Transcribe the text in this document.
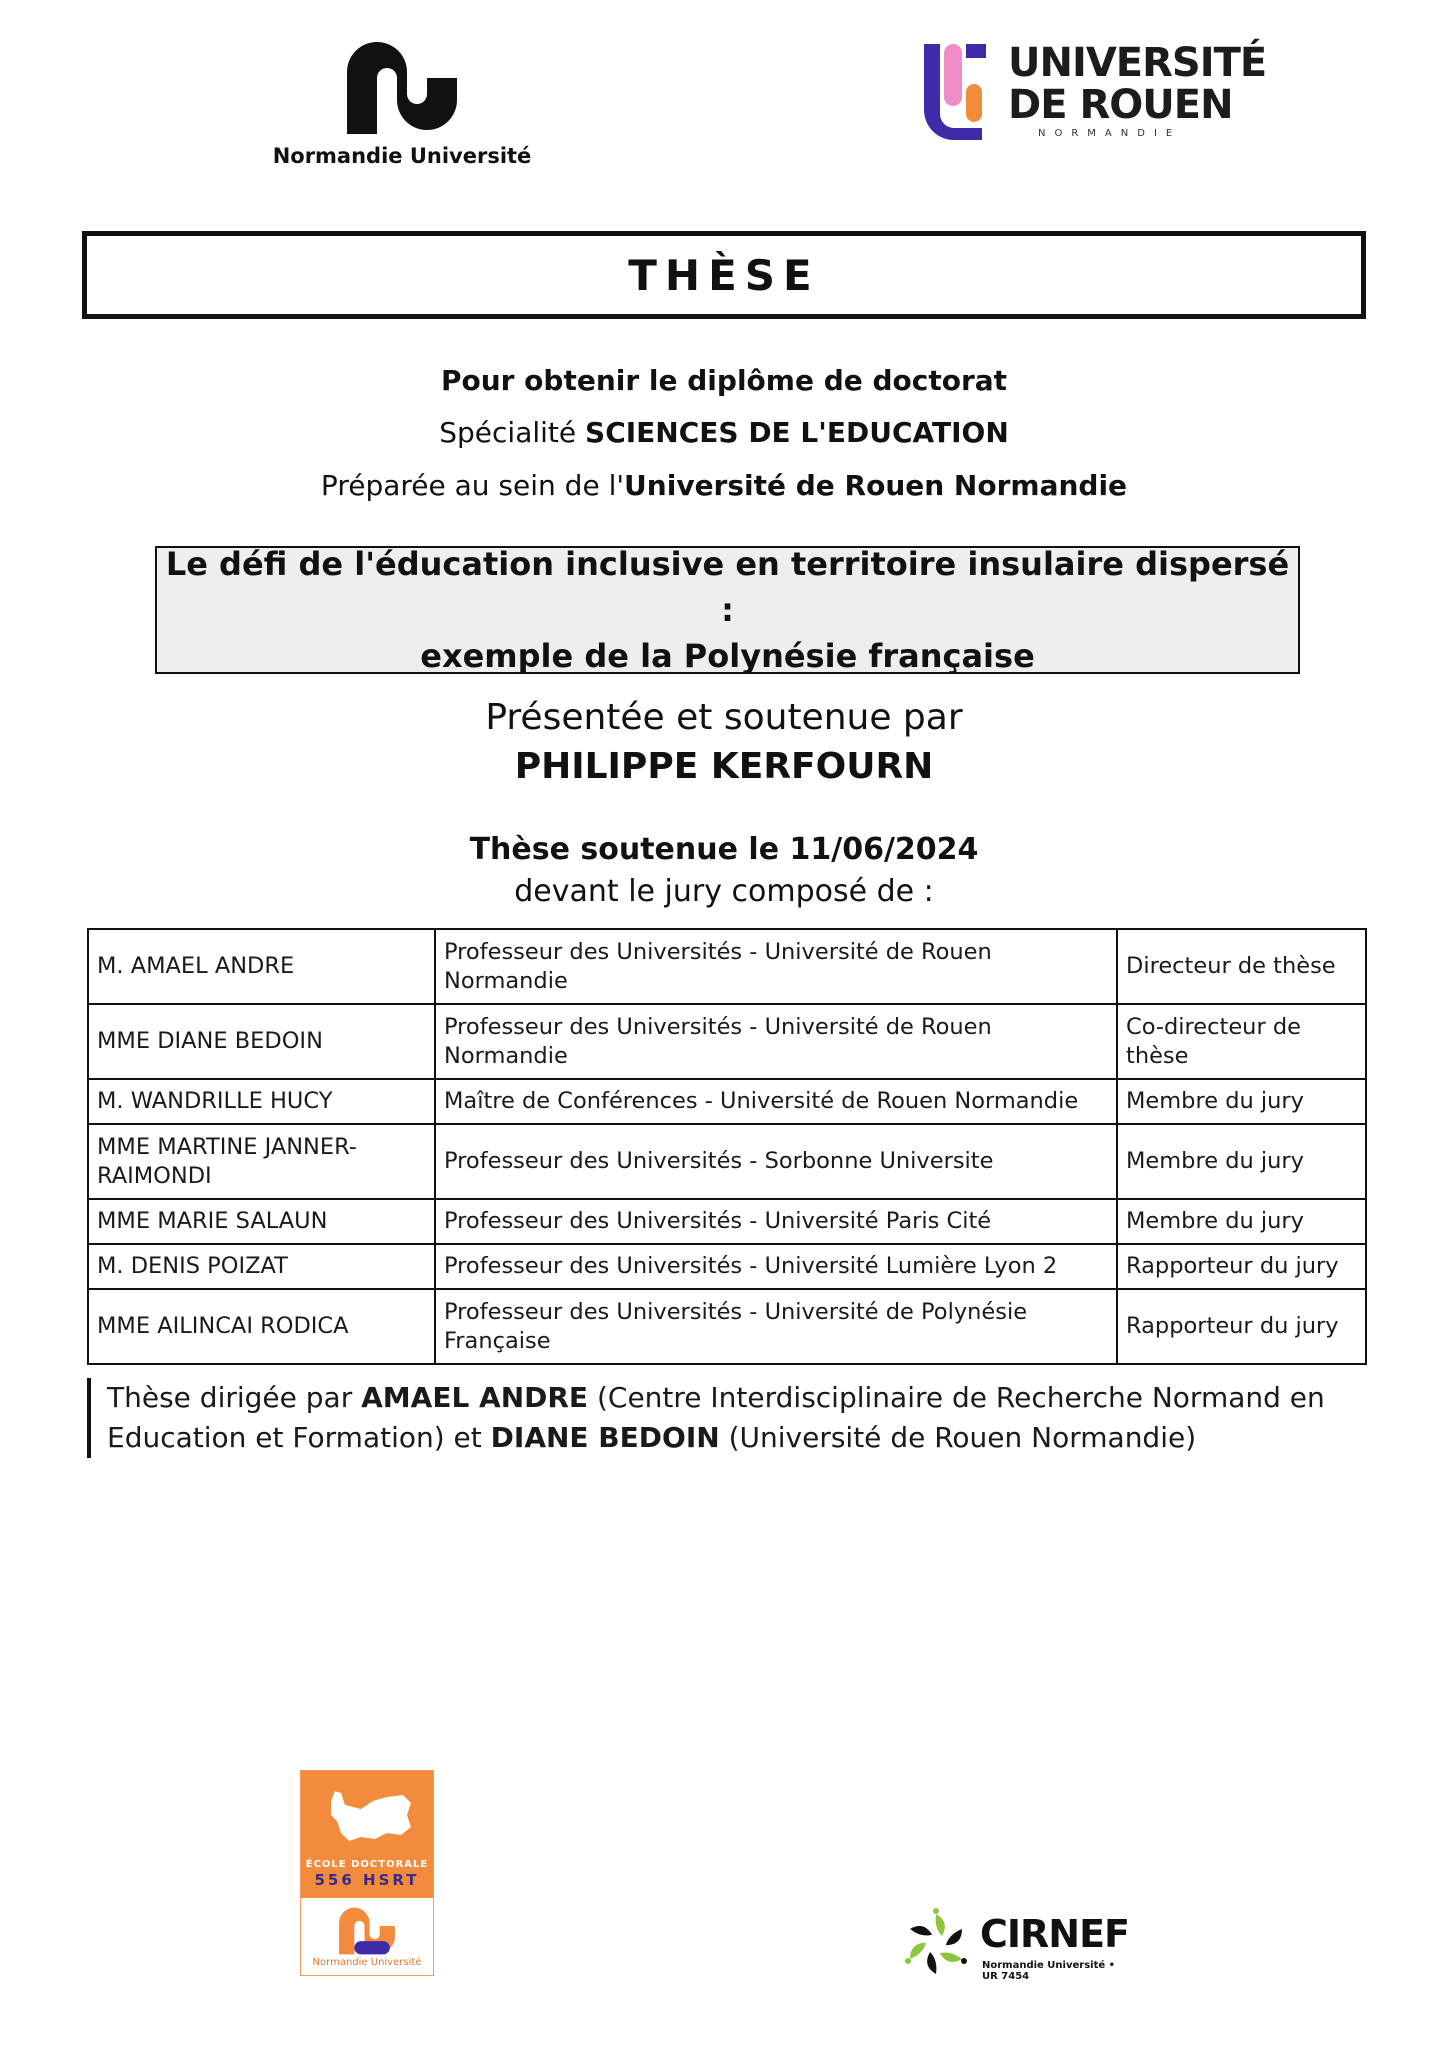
Normandie Université
UNIVERSITÉ
DE ROUEN
NORMANDIE
THÈSE
Pour obtenir le diplôme de doctorat
Spécialité SCIENCES DE L'EDUCATION
Préparée au sein de l'Université de Rouen Normandie
Le défi de l'éducation inclusive en territoire insulaire dispersé :
exemple de la Polynésie française
Présentée et soutenue par
PHILIPPE KERFOURN
Thèse soutenue le 11/06/2024
devant le jury composé de :
M. AMAEL ANDRE	Professeur des Universités - Université de Rouen Normandie	Directeur de thèse
MME DIANE BEDOIN	Professeur des Universités - Université de Rouen Normandie	Co-directeur de thèse
M. WANDRILLE HUCY	Maître de Conférences - Université de Rouen Normandie	Membre du jury
MME MARTINE JANNER-RAIMONDI	Professeur des Universités - Sorbonne Universite	Membre du jury
MME MARIE SALAUN	Professeur des Universités - Université Paris Cité	Membre du jury
M. DENIS POIZAT	Professeur des Universités - Université Lumière Lyon 2	Rapporteur du jury
MME AILINCAI RODICA	Professeur des Universités - Université de Polynésie Française	Rapporteur du jury
Thèse dirigée par AMAEL ANDRE (Centre Interdisciplinaire de Recherche Normand en Education et Formation) et DIANE BEDOIN (Université de Rouen Normandie)
ÉCOLE DOCTORALE
556 HSRT
Normandie Université
CIRNEF
Normandie Université • UR 7454
